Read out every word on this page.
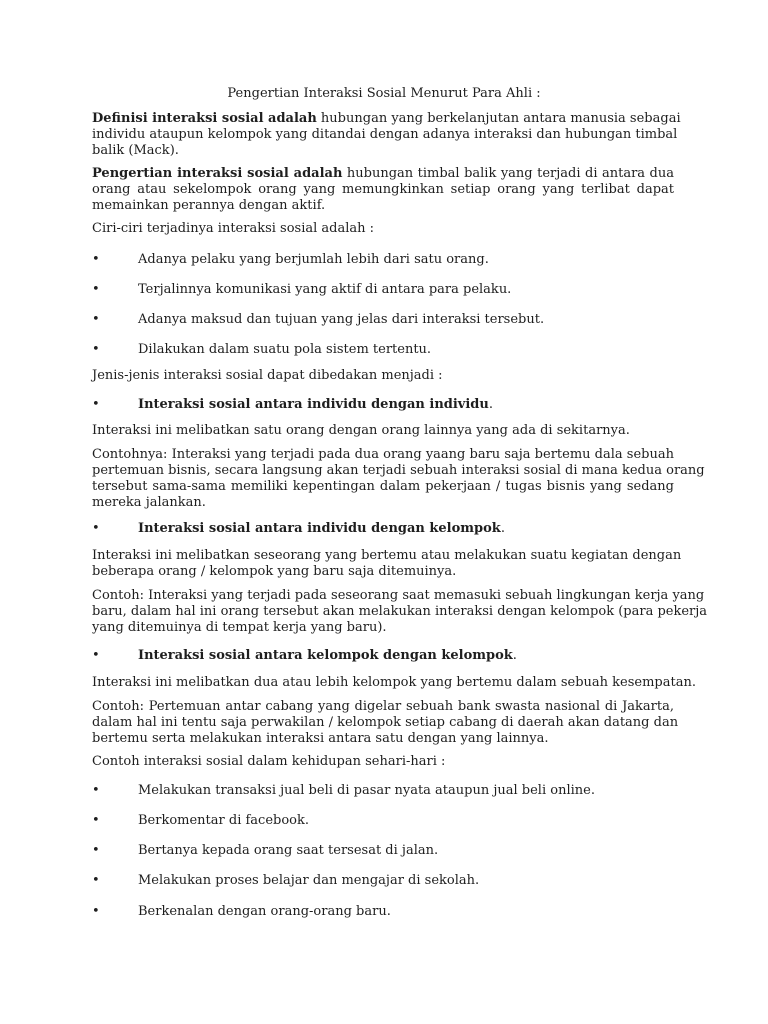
Pengertian Interaksi Sosial Menurut Para Ahli :
Definisi interaksi sosial adalah hubungan yang berkelanjutan antara manusia sebagai
individu ataupun kelompok yang ditandai dengan adanya interaksi dan hubungan timbal
balik (Mack).
Pengertian interaksi sosial adalah hubungan timbal balik yang terjadi di antara dua
orang atau sekelompok orang yang memungkinkan setiap orang yang terlibat dapat
memainkan perannya dengan aktif.
Ciri-ciri terjadinya interaksi sosial adalah :
•	Adanya pelaku yang berjumlah lebih dari satu orang.
•	Terjalinnya komunikasi yang aktif di antara para pelaku.
•	Adanya maksud dan tujuan yang jelas dari interaksi tersebut.
•	Dilakukan dalam suatu pola sistem tertentu.
Jenis-jenis interaksi sosial dapat dibedakan menjadi :
•	Interaksi sosial antara individu dengan individu.
Interaksi ini melibatkan satu orang dengan orang lainnya yang ada di sekitarnya.
Contohnya: Interaksi yang terjadi pada dua orang yaang baru saja bertemu dala sebuah
pertemuan bisnis, secara langsung akan terjadi sebuah interaksi sosial di mana kedua orang
tersebut sama-sama memiliki kepentingan dalam pekerjaan / tugas bisnis yang sedang
mereka jalankan.
•	Interaksi sosial antara individu dengan kelompok.
Interaksi ini melibatkan seseorang yang bertemu atau melakukan suatu kegiatan dengan
beberapa orang / kelompok yang baru saja ditemuinya.
Contoh: Interaksi yang terjadi pada seseorang saat memasuki sebuah lingkungan kerja yang
baru, dalam hal ini orang tersebut akan melakukan interaksi dengan kelompok (para pekerja
yang ditemuinya di tempat kerja yang baru).
•	Interaksi sosial antara kelompok dengan kelompok.
Interaksi ini melibatkan dua atau lebih kelompok yang bertemu dalam sebuah kesempatan.
Contoh: Pertemuan antar cabang yang digelar sebuah bank swasta nasional di Jakarta,
dalam hal ini tentu saja perwakilan / kelompok setiap cabang di daerah akan datang dan
bertemu serta melakukan interaksi antara satu dengan yang lainnya.
Contoh interaksi sosial dalam kehidupan sehari-hari :
•	Melakukan transaksi jual beli di pasar nyata ataupun jual beli online.
•	Berkomentar di facebook.
•	Bertanya kepada orang saat tersesat di jalan.
•	Melakukan proses belajar dan mengajar di sekolah.
•	Berkenalan dengan orang-orang baru.
